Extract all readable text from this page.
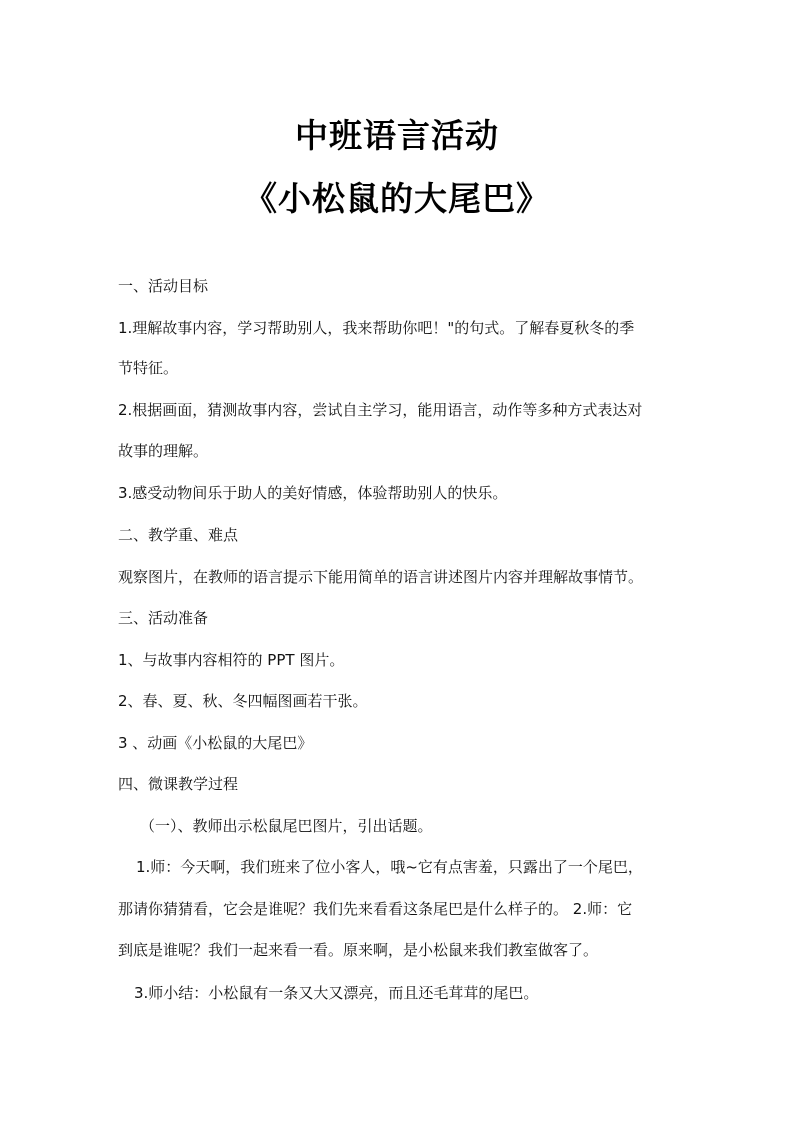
中班语言活动
《小松鼠的大尾巴》
一、活动目标
1.理解故事内容，学习帮助别人，我来帮助你吧！"的句式。了解春夏秋冬的季
节特征。
2.根据画面，猜测故事内容，尝试自主学习，能用语言，动作等多种方式表达对
故事的理解。
3.感受动物间乐于助人的美好情感，体验帮助别人的快乐。
二、教学重、难点
观察图片，在教师的语言提示下能用简单的语言讲述图片内容并理解故事情节。
三、活动准备
1、与故事内容相符的 PPT 图片。
2、春、夏、秋、冬四幅图画若干张。
3 、动画《小松鼠的大尾巴》
四、微课教学过程
（一）、教师出示松鼠尾巴图片，引出话题。
1.师：今天啊，我们班来了位小客人，哦~它有点害羞，只露出了一个尾巴，
那请你猜猜看，它会是谁呢？我们先来看看这条尾巴是什么样子的。 2.师：它
到底是谁呢？我们一起来看一看。原来啊，是小松鼠来我们教室做客了。
3.师小结：小松鼠有一条又大又漂亮，而且还毛茸茸的尾巴。
